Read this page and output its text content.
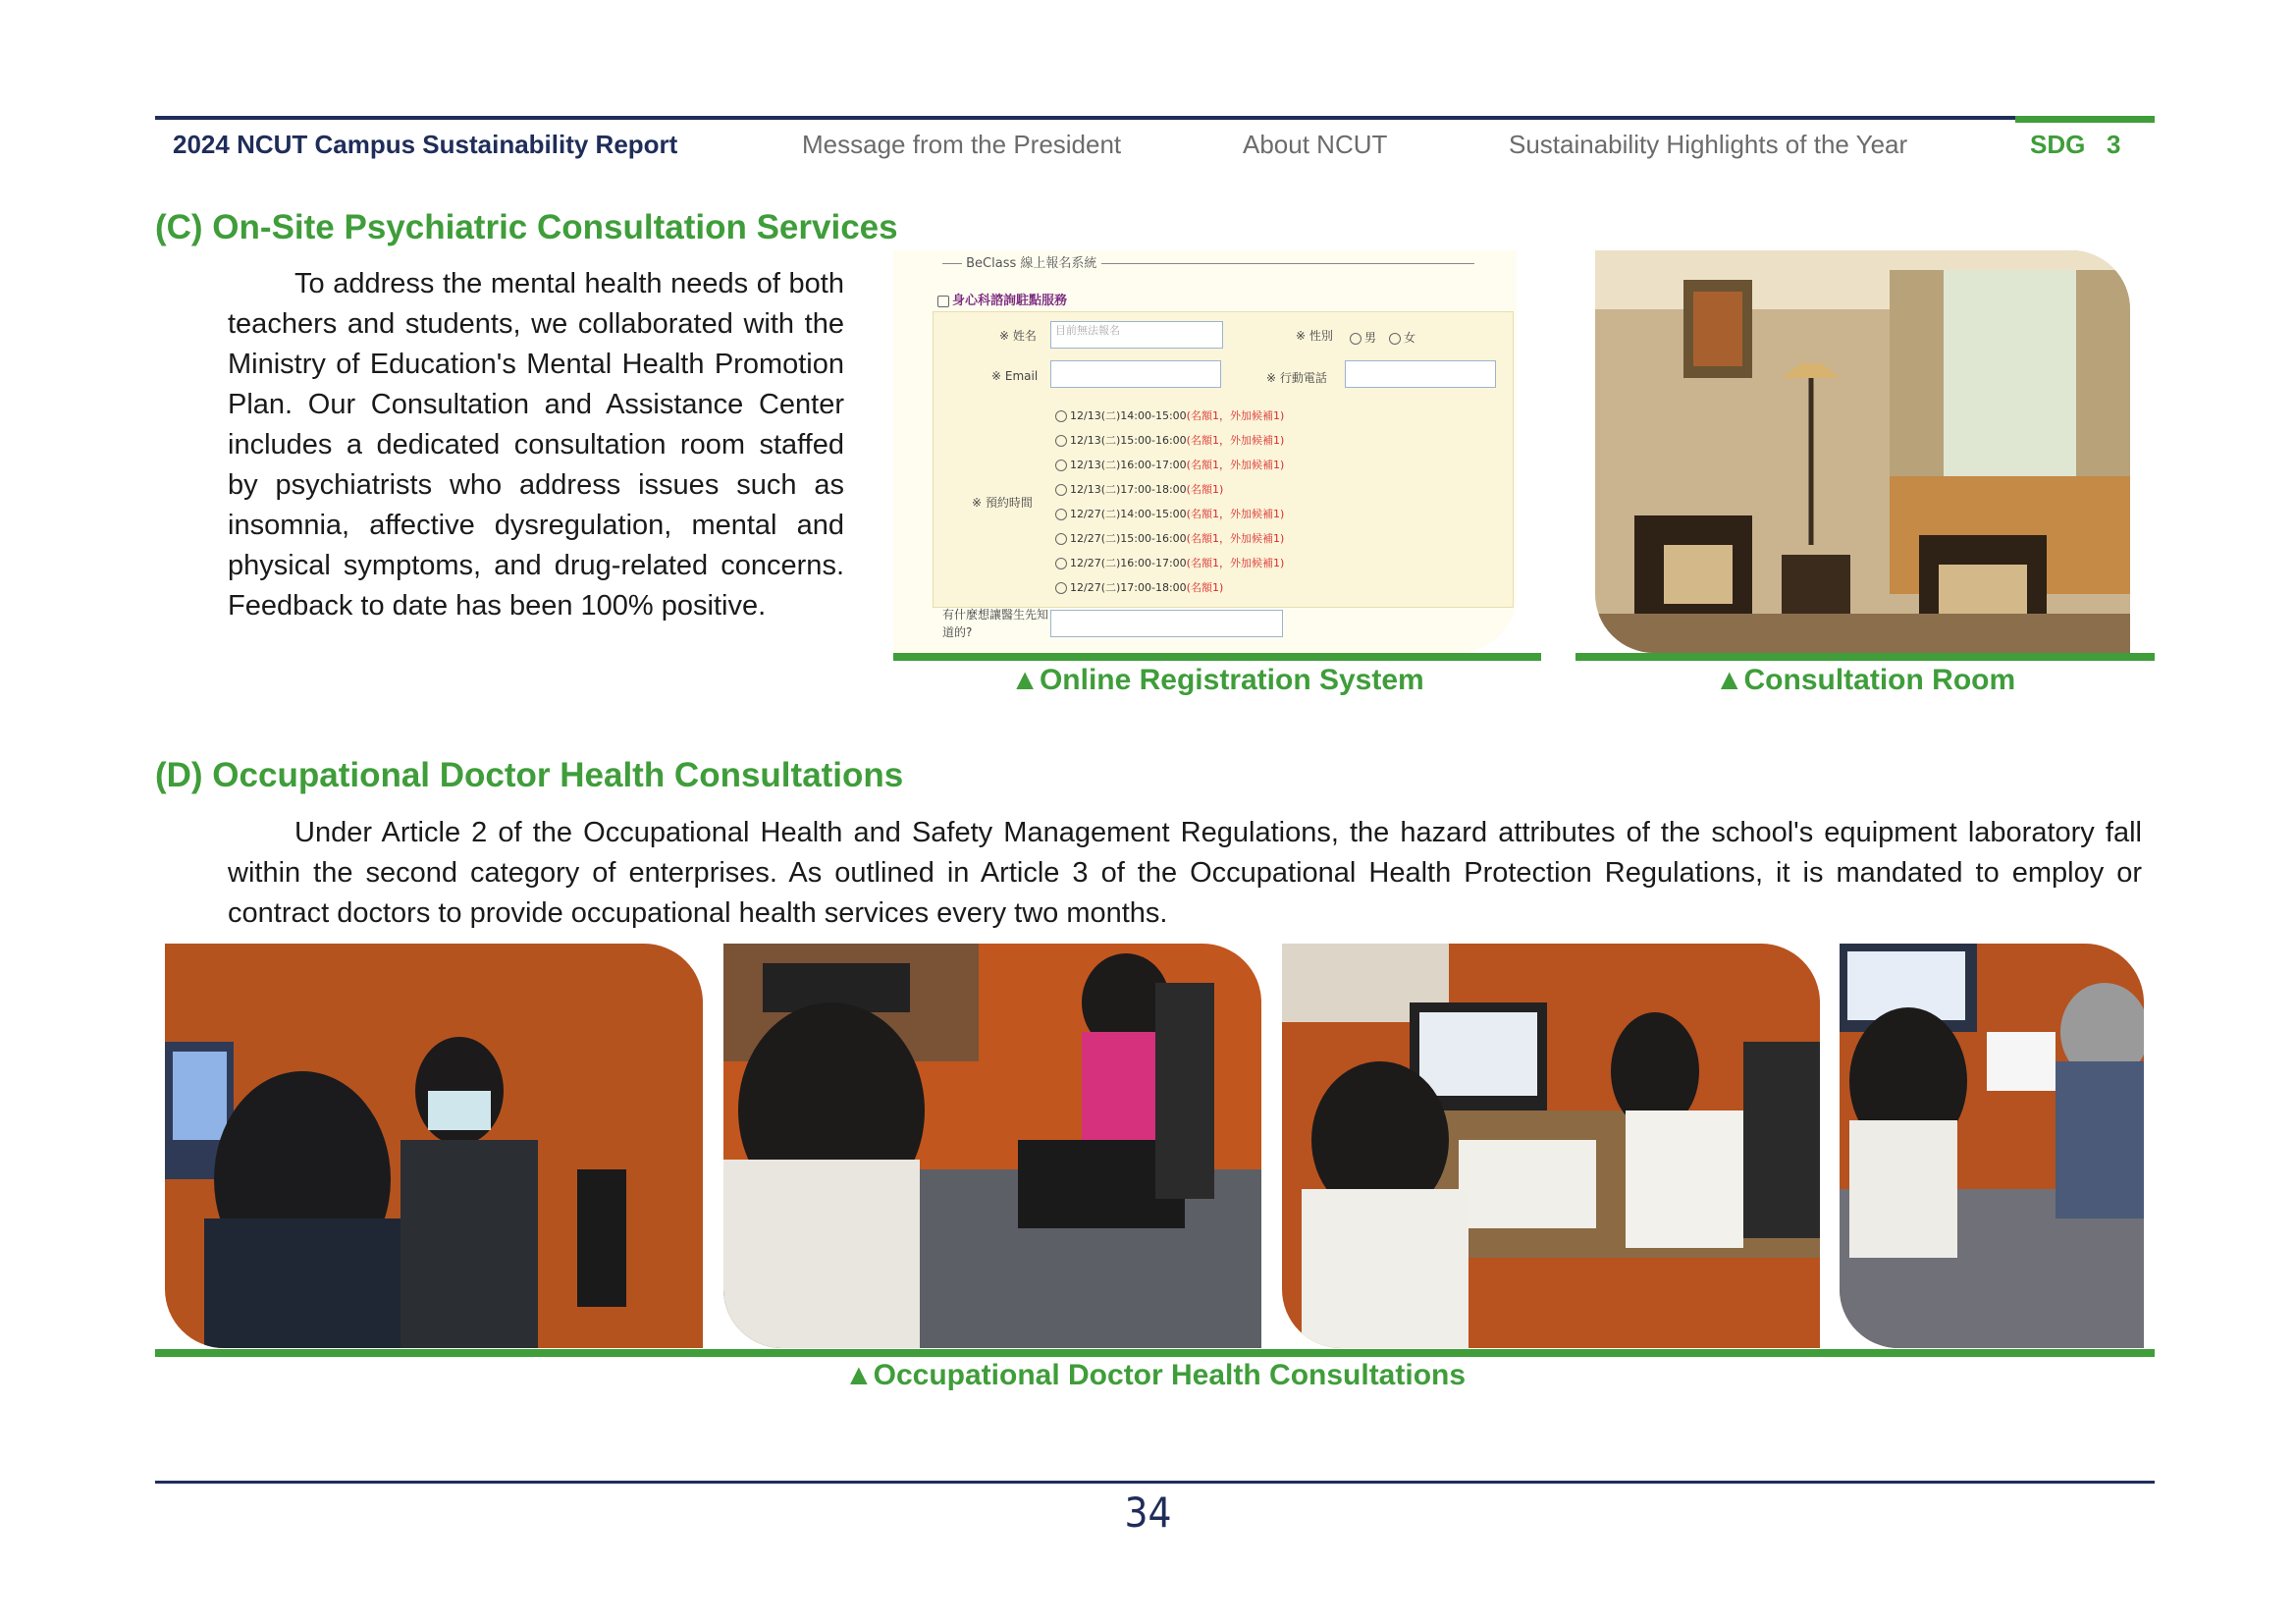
2024 NCUT Campus Sustainability Report	Message from the President	About NCUT	Sustainability Highlights of the Year	SDG 3
(C) On-Site Psychiatric Consultation Services
To address the mental health needs of both teachers and students, we collaborated with the Ministry of Education's Mental Health Promotion Plan. Our Consultation and Assistance Center includes a dedicated consultation room staffed by psychiatrists who address issues such as insomnia, affective dysregulation, mental and physical symptoms, and drug-related concerns. Feedback to date has been 100% positive.
BeClass 線上報名系統
身心科諮詢駐點服務
※ 姓名	目前無法報名	※ 性別	男	女
※ Email	※ 行動電話
※ 預約時間
12/13(二)14:00-15:00(名額1，外加候補1)
12/13(二)15:00-16:00(名額1，外加候補1)
12/13(二)16:00-17:00(名額1，外加候補1)
12/13(二)17:00-18:00(名額1)
12/27(二)14:00-15:00(名額1，外加候補1)
12/27(二)15:00-16:00(名額1，外加候補1)
12/27(二)16:00-17:00(名額1，外加候補1)
12/27(二)17:00-18:00(名額1)
有什麼想讓醫生先知道的?
▲Online Registration System	▲Consultation Room
(D) Occupational Doctor Health Consultations
Under Article 2 of the Occupational Health and Safety Management Regulations, the hazard attributes of the school's equipment laboratory fall within the second category of enterprises. As outlined in Article 3 of the Occupational Health Protection Regulations, it is mandated to employ or contract doctors to provide occupational health services every two months.
▲Occupational Doctor Health Consultations
34
